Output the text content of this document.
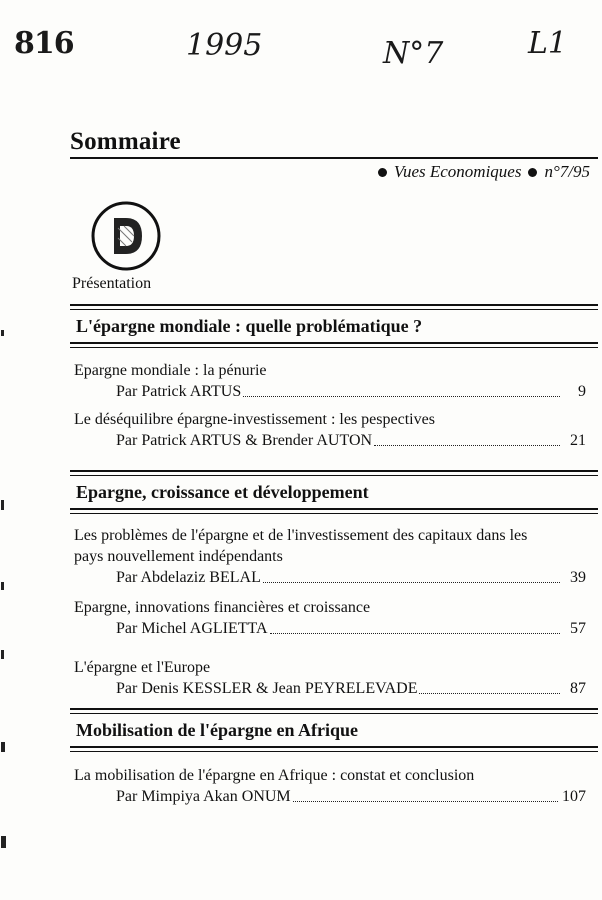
816	1995	N°7	L1
Sommaire
Vues Economiques n°7/95
Présentation
L'épargne mondiale : quelle problématique ?
Epargne mondiale : la pénurie
Par Patrick ARTUS	9
Le déséquilibre épargne-investissement : les pespectives
Par Patrick ARTUS & Brender AUTON	21
Epargne, croissance et développement
Les problèmes de l'épargne et de l'investissement des capitaux dans les pays nouvellement indépendants
Par Abdelaziz BELAL	39
Epargne, innovations financières et croissance
Par Michel AGLIETTA	57
L'épargne et l'Europe
Par Denis KESSLER & Jean PEYRELEVADE	87
Mobilisation de l'épargne en Afrique
La mobilisation de l'épargne en Afrique : constat et conclusion
Par Mimpiya Akan ONUM	107
